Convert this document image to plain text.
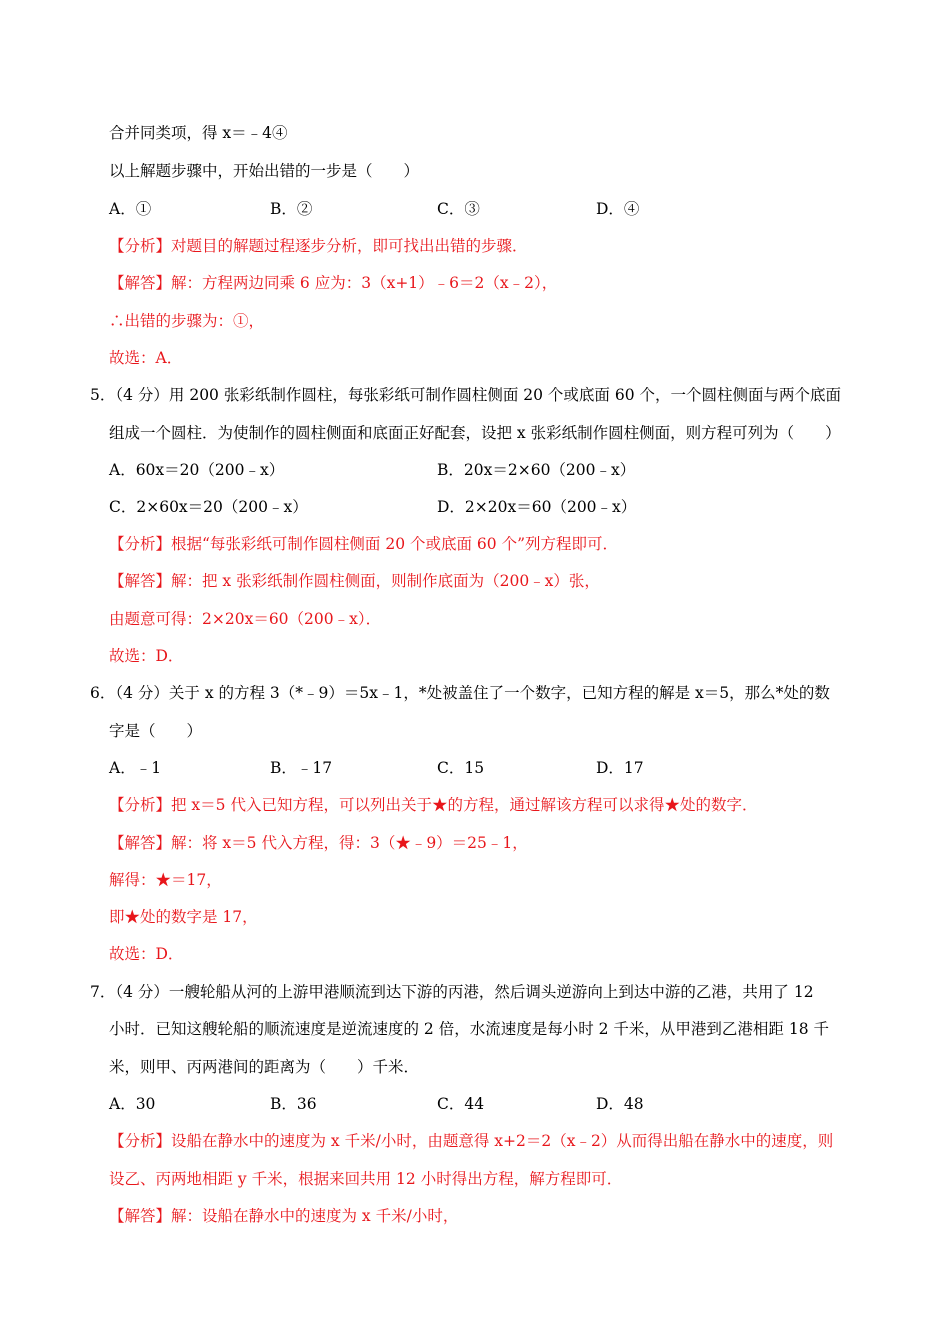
合并同类项，得 x＝﹣4④
以上解题步骤中，开始出错的一步是（　　）
A．①	B．②	C．③	D．④
【分析】对题目的解题过程逐步分析，即可找出出错的步骤．
【解答】解：方程两边同乘 6 应为：3（x+1）﹣6＝2（x﹣2），
∴出错的步骤为：①，
故选：A．
5．（4 分）用 200 张彩纸制作圆柱，每张彩纸可制作圆柱侧面 20 个或底面 60 个，一个圆柱侧面与两个底面
组成一个圆柱．为使制作的圆柱侧面和底面正好配套，设把 x 张彩纸制作圆柱侧面，则方程可列为（　　）
A．60x＝20（200﹣x）	B．20x＝2×60（200﹣x）
C．2×60x＝20（200﹣x）	D．2×20x＝60（200﹣x）
【分析】根据“每张彩纸可制作圆柱侧面 20 个或底面 60 个”列方程即可．
【解答】解：把 x 张彩纸制作圆柱侧面，则制作底面为（200﹣x）张，
由题意可得：2×20x＝60（200﹣x）．
故选：D．
6．（4 分）关于 x 的方程 3（*﹣9）＝5x﹣1，*处被盖住了一个数字，已知方程的解是 x＝5，那么*处的数
字是（　　）
A．﹣1	B．﹣17	C．15	D．17
【分析】把 x＝5 代入已知方程，可以列出关于★的方程，通过解该方程可以求得★处的数字．
【解答】解：将 x＝5 代入方程，得：3（★﹣9）＝25﹣1，
解得：★＝17，
即★处的数字是 17，
故选：D．
7．（4 分）一艘轮船从河的上游甲港顺流到达下游的丙港，然后调头逆游向上到达中游的乙港，共用了 12
小时．已知这艘轮船的顺流速度是逆流速度的 2 倍，水流速度是每小时 2 千米，从甲港到乙港相距 18 千
米，则甲、丙两港间的距离为（　　）千米．
A．30	B．36	C．44	D．48
【分析】设船在静水中的速度为 x 千米/小时，由题意得 x+2＝2（x﹣2）从而得出船在静水中的速度，则
设乙、丙两地相距 y 千米，根据来回共用 12 小时得出方程，解方程即可．
【解答】解：设船在静水中的速度为 x 千米/小时，
